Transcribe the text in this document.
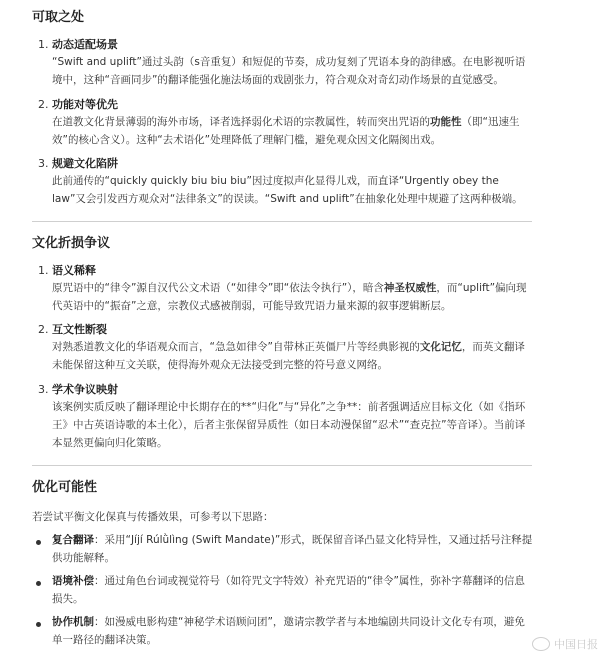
可取之处
1. 动态适配场景

“Swift and uplift”通过头韵（s音重复）和短促的节奏，成功复刻了咒语本身的韵律感。在电影视听语境中，这种“音画同步”的翻译能强化施法场面的戏剧张力，符合观众对奇幻动作场景的直觉感受。

2. 功能对等优先

在道教文化背景薄弱的海外市场，译者选择弱化术语的宗教属性，转而突出咒语的功能性（即“迅速生效”的核心含义）。这种“去术语化”处理降低了理解门槛，避免观众因文化隔阂出戏。

3. 规避文化陷阱

此前通传的“quickly quickly biu biu biu”因过度拟声化显得儿戏，而直译“Urgently obey the law”又会引发西方观众对“法律条文”的误读。“Swift and uplift”在抽象化处理中规避了这两种极端。

文化折损争议
1. 语义稀释

原咒语中的“律令”源自汉代公文术语（“如律令”即“依法令执行”），暗含神圣权威性，而“uplift”偏向现代英语中的“振奋”之意，宗教仪式感被削弱，可能导致咒语力量来源的叙事逻辑断层。

2. 互文性断裂

对熟悉道教文化的华语观众而言，“急急如律令”自带林正英僵尸片等经典影视的文化记忆，而英文翻译未能保留这种互文关联，使得海外观众无法接受到完整的符号意义网络。

3. 学术争议映射

该案例实质反映了翻译理论中长期存在的**“归化”与“异化”之争**：前者强调适应目标文化（如《指环王》中古英语诗歌的本土化），后者主张保留异质性（如日本动漫保留“忍术”“查克拉”等音译）。当前译本显然更偏向归化策略。

优化可能性

若尝试平衡文化保真与传播效果，可参考以下思路：

复合翻译：采用“Jíjí Rúlǜlìng (Swift Mandate)”形式，既保留音译凸显文化特异性，又通过括号注释提供功能解释。

语境补偿：通过角色台词或视觉符号（如符咒文字特效）补充咒语的“律令”属性，弥补字幕翻译的信息损失。

协作机制：如漫威电影构建“神秘学术语顾问团”，邀请宗教学者与本地编剧共同设计文化专有项，避免单一路径的翻译决策。	中国日报
